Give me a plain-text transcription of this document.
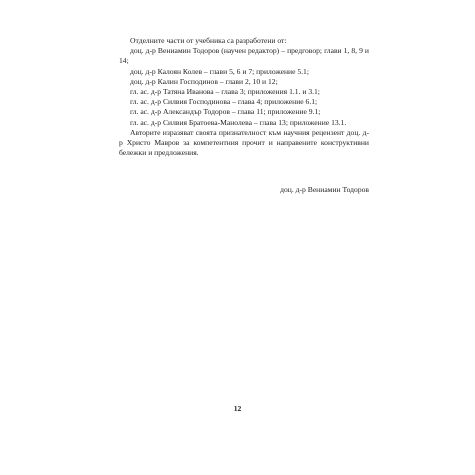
Отделните части от учебника са разработени от:

доц. д-р Вениамин Тодоров (научен редактор) – предговор; глави 1, 8, 9 и 14;

доц. д-р Калоян Колев – глави 5, 6 и 7; приложение 5.1;

доц. д-р Калин Господинов – глави 2, 10 и 12;

гл. ас. д-р Татяна Иванова – глава 3; приложения 1.1. и 3.1;

гл. ас. д-р Силвия Господинова – глава 4; приложение 6.1;

гл. ас. д-р Александър Тодоров – глава 11; приложение 9.1;

гл. ас. д-р Силвия Братоева-Манолева – глава 13; приложение 13.1.

Авторите изразяват своята признателност към научния рецензент доц. д-р Христо Мавров за компетентния прочит и направените конструктивни бележки и предложения.

доц. д-р Вениамин Тодоров
12
